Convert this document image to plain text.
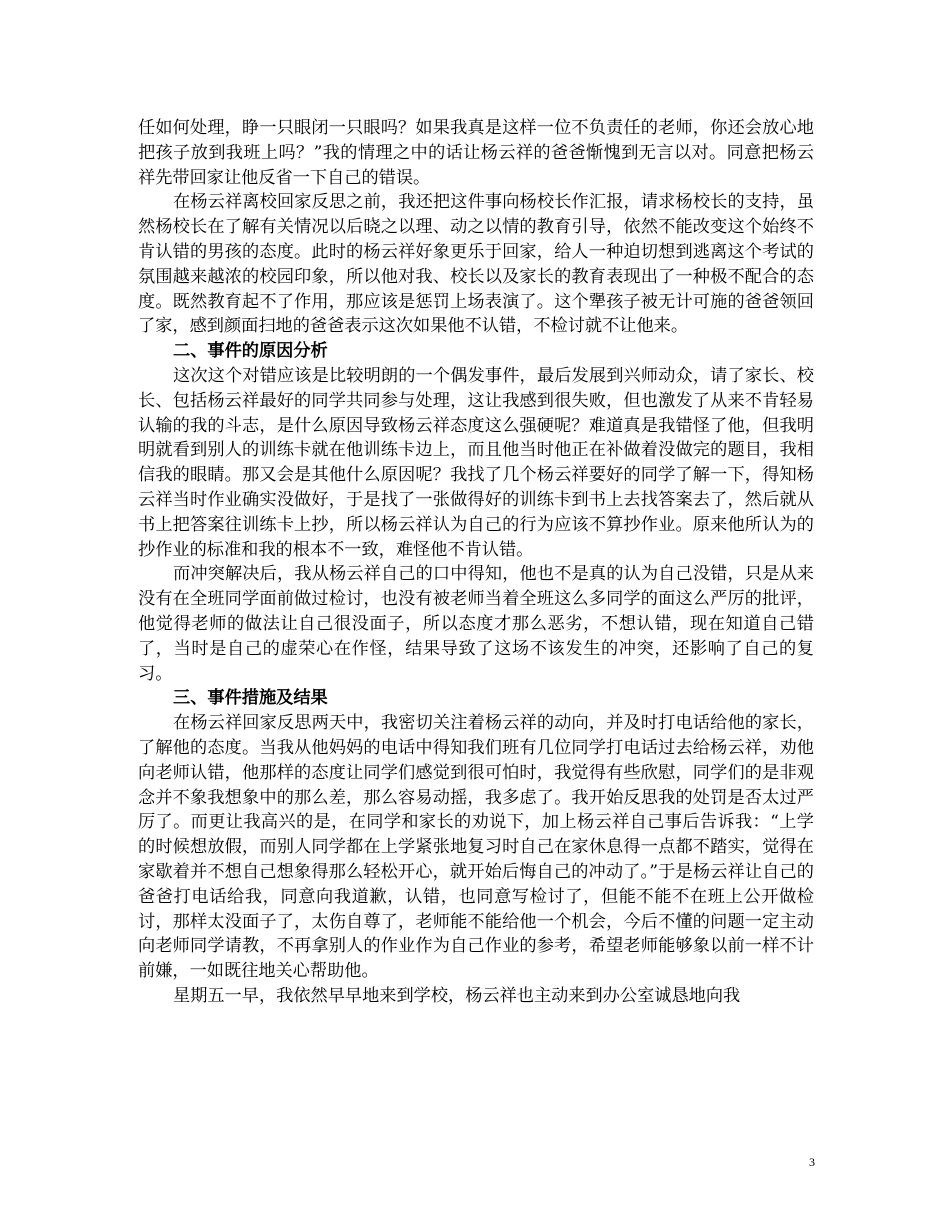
任如何处理，睁一只眼闭一只眼吗？如果我真是这样一位不负责任的老师，你还会放心地把孩子放到我班上吗？”我的情理之中的话让杨云祥的爸爸惭愧到无言以对。同意把杨云祥先带回家让他反省一下自己的错误。

在杨云祥离校回家反思之前，我还把这件事向杨校长作汇报，请求杨校长的支持，虽然杨校长在了解有关情况以后晓之以理、动之以情的教育引导，依然不能改变这个始终不肯认错的男孩的态度。此时的杨云祥好象更乐于回家，给人一种迫切想到逃离这个考试的氛围越来越浓的校园印象，所以他对我、校长以及家长的教育表现出了一种极不配合的态度。既然教育起不了作用，那应该是惩罚上场表演了。这个犟孩子被无计可施的爸爸领回了家，感到颜面扫地的爸爸表示这次如果他不认错，不检讨就不让他来。

二、事件的原因分析

这次这个对错应该是比较明朗的一个偶发事件，最后发展到兴师动众，请了家长、校长、包括杨云祥最好的同学共同参与处理，这让我感到很失败，但也激发了从来不肯轻易认输的我的斗志，是什么原因导致杨云祥态度这么强硬呢？难道真是我错怪了他，但我明明就看到别人的训练卡就在他训练卡边上，而且他当时他正在补做着没做完的题目，我相信我的眼睛。那又会是其他什么原因呢？我找了几个杨云祥要好的同学了解一下，得知杨云祥当时作业确实没做好，于是找了一张做得好的训练卡到书上去找答案去了，然后就从书上把答案往训练卡上抄，所以杨云祥认为自己的行为应该不算抄作业。原来他所认为的抄作业的标准和我的根本不一致，难怪他不肯认错。

而冲突解决后，我从杨云祥自己的口中得知，他也不是真的认为自己没错，只是从来没有在全班同学面前做过检讨，也没有被老师当着全班这么多同学的面这么严厉的批评，他觉得老师的做法让自己很没面子，所以态度才那么恶劣，不想认错，现在知道自己错了，当时是自己的虚荣心在作怪，结果导致了这场不该发生的冲突，还影响了自己的复习。

三、事件措施及结果

在杨云祥回家反思两天中，我密切关注着杨云祥的动向，并及时打电话给他的家长，了解他的态度。当我从他妈妈的电话中得知我们班有几位同学打电话过去给杨云祥，劝他向老师认错，他那样的态度让同学们感觉到很可怕时，我觉得有些欣慰，同学们的是非观念并不象我想象中的那么差，那么容易动摇，我多虑了。我开始反思我的处罚是否太过严厉了。而更让我高兴的是，在同学和家长的劝说下，加上杨云祥自己事后告诉我：“上学的时候想放假，而别人同学都在上学紧张地复习时自己在家休息得一点都不踏实，觉得在家歇着并不想自己想象得那么轻松开心，就开始后悔自己的冲动了。”于是杨云祥让自己的爸爸打电话给我，同意向我道歉，认错，也同意写检讨了，但能不能不在班上公开做检讨，那样太没面子了，太伤自尊了，老师能不能给他一个机会，今后不懂的问题一定主动向老师同学请教，不再拿别人的作业作为自己作业的参考，希望老师能够象以前一样不计前嫌，一如既往地关心帮助他。

星期五一早，我依然早早地来到学校，杨云祥也主动来到办公室诚恳地向我

3
